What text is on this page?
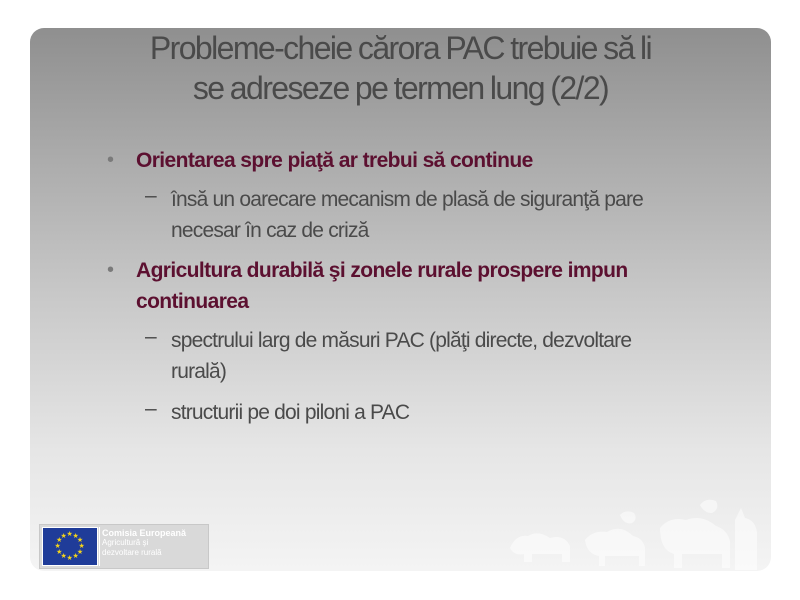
Probleme-cheie cărora PAC trebuie să li
se adreseze pe termen lung (2/2)
• Orientarea spre piaţă ar trebui să continue
– însă un oarecare mecanism de plasă de siguranţă pare
necesar în caz de criză
• Agricultura durabilă şi zonele rurale prospere impun
continuarea
– spectrului larg de măsuri PAC (plăţi directe, dezvoltare
rurală)
– structurii pe doi piloni a PAC
★ ★
★
★
★
★
★
★
★
★
★
★	Comisia Europeană
Agricultură şi
dezvoltare rurală
